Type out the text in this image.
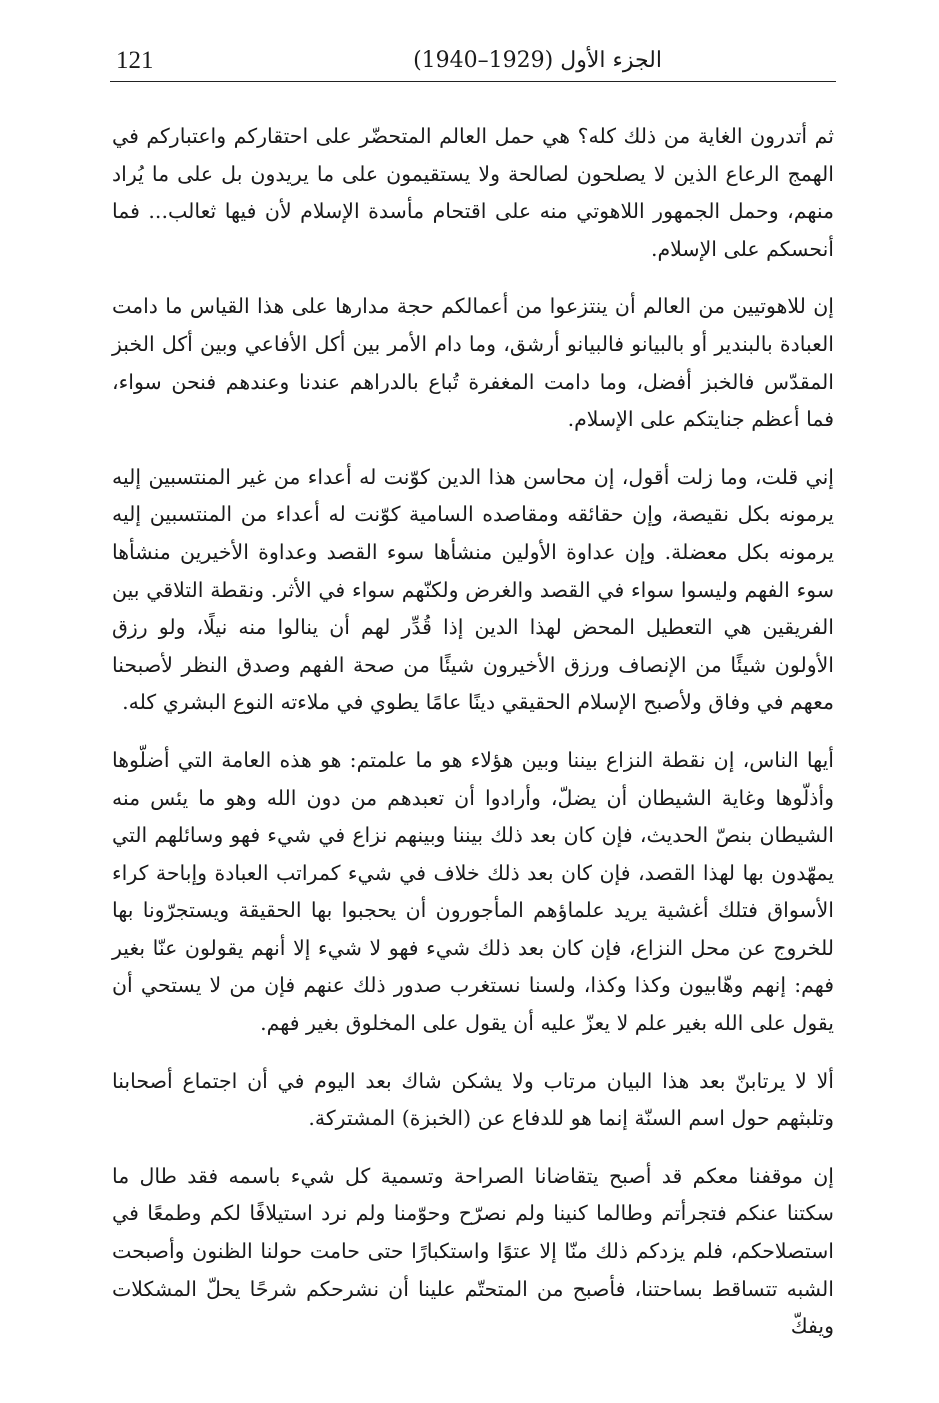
121	الجزء الأول (1929–1940)

ثم أتدرون الغاية من ذلك كله؟ هي حمل العالم المتحضّر على احتقاركم واعتباركم في الهمج الرعاع الذين لا يصلحون لصالحة ولا يستقيمون على ما يريدون بل على ما يُراد منهم، وحمل الجمهور اللاهوتي منه على اقتحام مأسدة الإسلام لأن فيها ثعالب... فما أنحسكم على الإسلام.

إن للاهوتيين من العالم أن ينتزعوا من أعمالكم حجة مدارها على هذا القياس ما دامت العبادة بالبندير أو بالبيانو فالبيانو أرشق، وما دام الأمر بين أكل الأفاعي وبين أكل الخبز المقدّس فالخبز أفضل، وما دامت المغفرة تُباع بالدراهم عندنا وعندهم فنحن سواء، فما أعظم جنايتكم على الإسلام.

إني قلت، وما زلت أقول، إن محاسن هذا الدين كوّنت له أعداء من غير المنتسبين إليه يرمونه بكل نقيصة، وإن حقائقه ومقاصده السامية كوّنت له أعداء من المنتسبين إليه يرمونه بكل معضلة. وإن عداوة الأولين منشأها سوء القصد وعداوة الأخيرين منشأها سوء الفهم وليسوا سواء في القصد والغرض ولكنّهم سواء في الأثر. ونقطة التلاقي بين الفريقين هي التعطيل المحض لهذا الدين إذا قُدِّر لهم أن ينالوا منه نيلًا، ولو رزق الأولون شيئًا من الإنصاف ورزق الأخيرون شيئًا من صحة الفهم وصدق النظر لأصبحنا معهم في وفاق ولأصبح الإسلام الحقيقي دينًا عامًا يطوي في ملاءته النوع البشري كله.

أيها الناس، إن نقطة النزاع بيننا وبين هؤلاء هو ما علمتم: هو هذه العامة التي أضلّوها وأذلّوها وغاية الشيطان أن يضلّ، وأرادوا أن تعبدهم من دون الله وهو ما يئس منه الشيطان بنصّ الحديث، فإن كان بعد ذلك بيننا وبينهم نزاع في شيء فهو وسائلهم التي يمهّدون بها لهذا القصد، فإن كان بعد ذلك خلاف في شيء كمراتب العبادة وإباحة كراء الأسواق فتلك أغشية يريد علماؤهم المأجورون أن يحجبوا بها الحقيقة ويستجرّونا بها للخروج عن محل النزاع، فإن كان بعد ذلك شيء فهو لا شيء إلا أنهم يقولون عنّا بغير فهم: إنهم وهّابيون وكذا وكذا، ولسنا نستغرب صدور ذلك عنهم فإن من لا يستحي أن يقول على الله بغير علم لا يعزّ عليه أن يقول على المخلوق بغير فهم.

ألا لا يرتابنّ بعد هذا البيان مرتاب ولا يشكن شاك بعد اليوم في أن اجتماع أصحابنا وتلبثهم حول اسم السنّة إنما هو للدفاع عن (الخبزة) المشتركة.

إن موقفنا معكم قد أصبح يتقاضانا الصراحة وتسمية كل شيء باسمه فقد طال ما سكتنا عنكم فتجرأتم وطالما كنينا ولم نصرّح وحوّمنا ولم نرد استيلافًا لكم وطمعًا في استصلاحكم، فلم يزدكم ذلك منّا إلا عتوًا واستكبارًا حتى حامت حولنا الظنون وأصبحت الشبه تتساقط بساحتنا، فأصبح من المتحتّم علينا أن نشرحكم شرحًا يحلّ المشكلات ويفكّ
